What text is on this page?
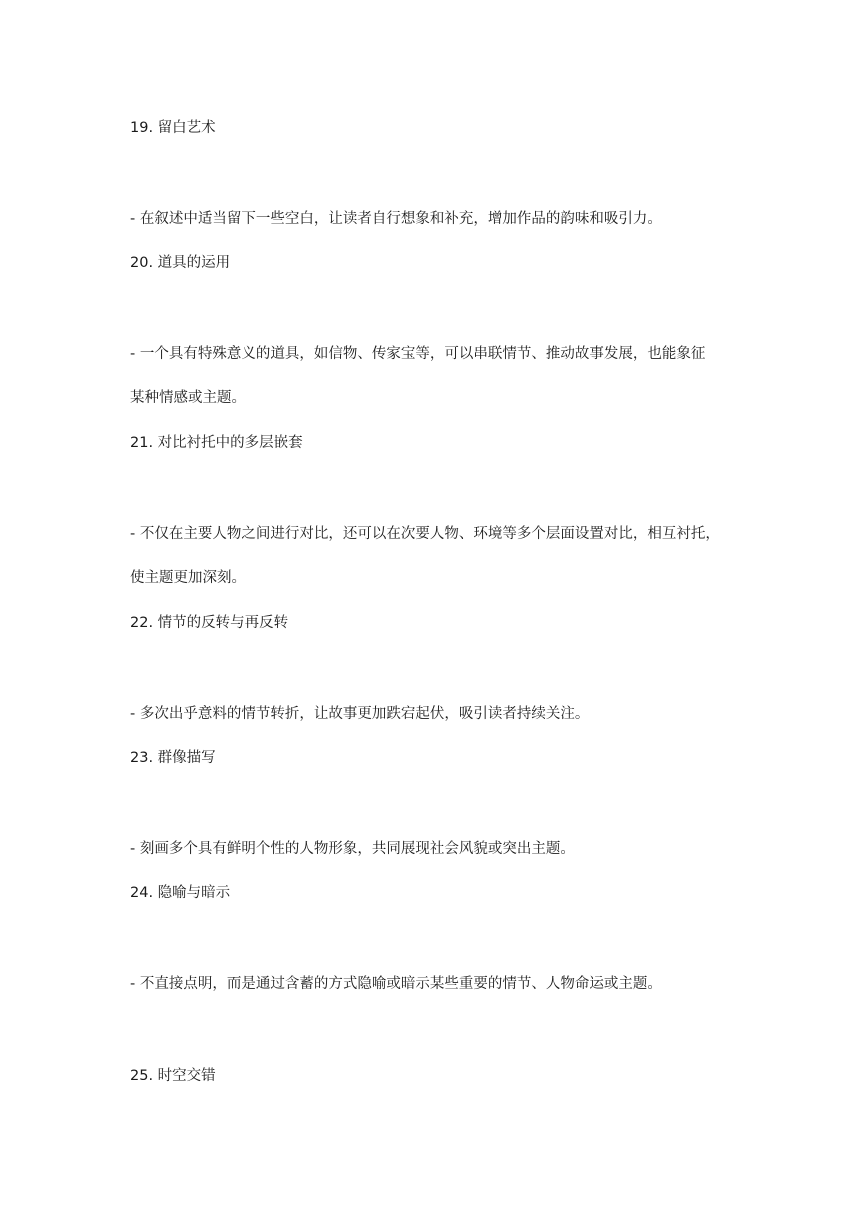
19. 留白艺术

- 在叙述中适当留下一些空白，让读者自行想象和补充，增加作品的韵味和吸引力。

20. 道具的运用

- 一个具有特殊意义的道具，如信物、传家宝等，可以串联情节、推动故事发展，也能象征

某种情感或主题。

21. 对比衬托中的多层嵌套

- 不仅在主要人物之间进行对比，还可以在次要人物、环境等多个层面设置对比，相互衬托，

使主题更加深刻。

22. 情节的反转与再反转

- 多次出乎意料的情节转折，让故事更加跌宕起伏，吸引读者持续关注。

23. 群像描写

- 刻画多个具有鲜明个性的人物形象，共同展现社会风貌或突出主题。

24. 隐喻与暗示

- 不直接点明，而是通过含蓄的方式隐喻或暗示某些重要的情节、人物命运或主题。

25. 时空交错
